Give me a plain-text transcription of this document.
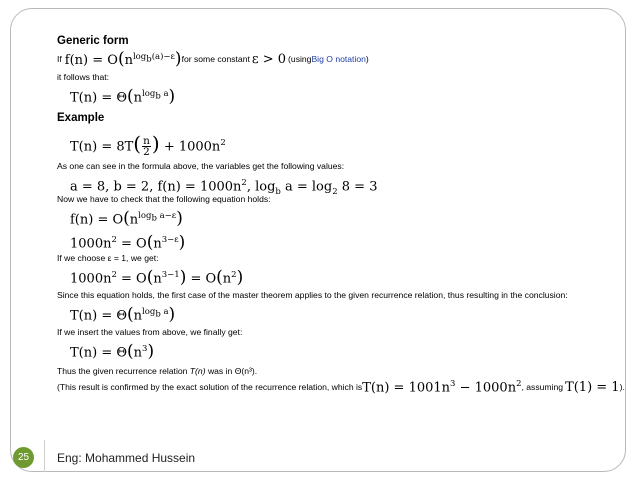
Generic form
If $f(n) = O(n^{log_b(a)-\varepsilon})$ for some constant ε > 0 (using Big O notation )
it follows that:
$T(n) = \Theta(n^{log_b a})$
Example
$T(n) = 8T( \frac{n}{2}$ ) + $1000n^2$
As one can see in the formula above, the variables get the following values:
a = 8, b = 2, $f(n) = 1000n^2$, $\log_b a = \log_2 8 = 3$
Now we have to check that the following equation holds:
$f(n) = O(n^{log_b a-\varepsilon})$
$1000n^2 = O(n^{3-\varepsilon})$
If we choose ε = 1, we get:
$1000n^2 = O(n^{3-1}) = O(n^2)$
Since this equation holds, the first case of the master theorem applies to the given recurrence relation, thus resulting in the conclusion:
$T(n) = \Theta(n^{log_b a})$
If we insert the values from above, we finally get:
$T(n) = \Theta(n^3)$
Thus the given recurrence relation T(n) was in Θ(n³).
(This result is confirmed by the exact solution of the recurrence relation, which is $T(n) = 1001n^3 - 1000n^2$ , assuming T(1) = 1 ).
25	Eng: Mohammed Hussein
